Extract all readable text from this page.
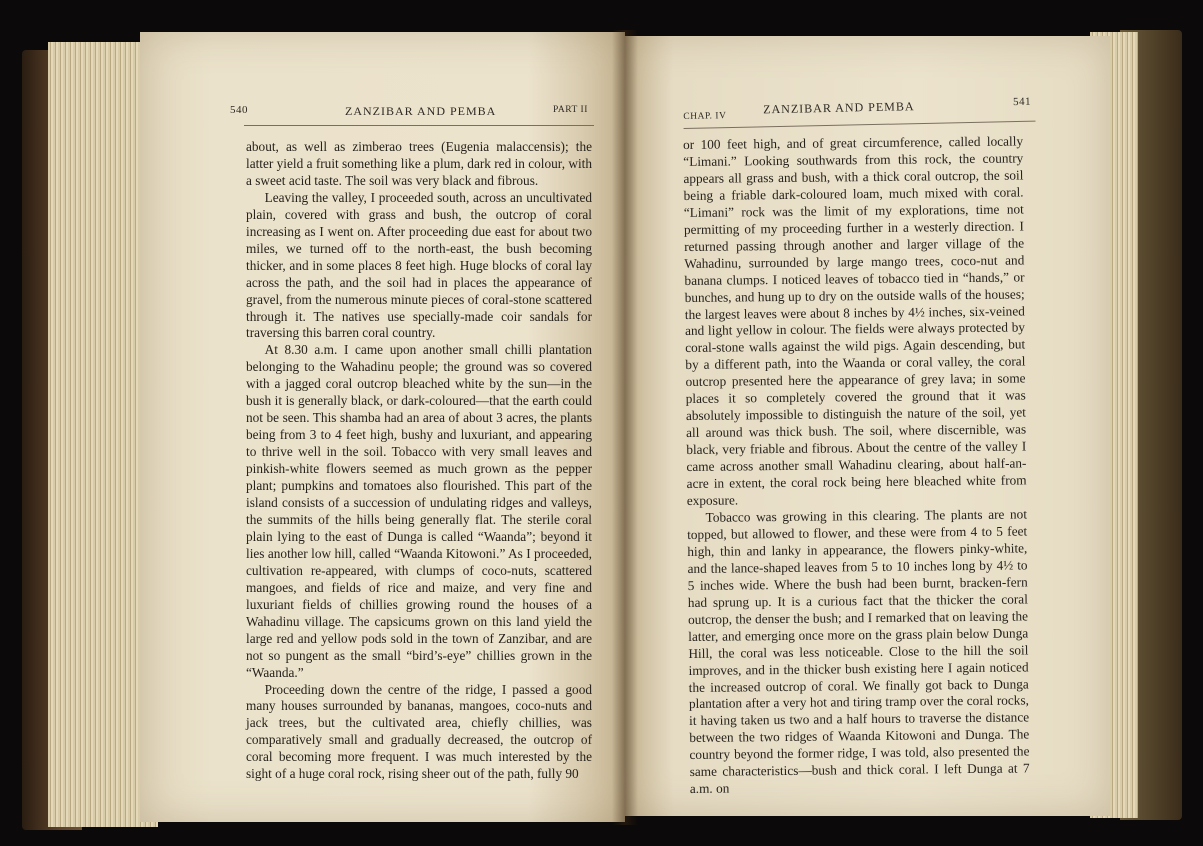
540	ZANZIBAR AND PEMBA	PART II

about, as well as zimberao trees (Eugenia malaccensis); the latter yield a fruit something like a plum, dark red in colour, with a sweet acid taste. The soil was very black and fibrous.

Leaving the valley, I proceeded south, across an uncultivated plain, covered with grass and bush, the outcrop of coral increasing as I went on. After proceeding due east for about two miles, we turned off to the north-east, the bush becoming thicker, and in some places 8 feet high. Huge blocks of coral lay across the path, and the soil had in places the appearance of gravel, from the numerous minute pieces of coral-stone scattered through it. The natives use specially-made coir sandals for traversing this barren coral country.

At 8.30 a.m. I came upon another small chilli plantation belonging to the Wahadinu people; the ground was so covered with a jagged coral outcrop bleached white by the sun—in the bush it is generally black, or dark-coloured—that the earth could not be seen. This shamba had an area of about 3 acres, the plants being from 3 to 4 feet high, bushy and luxuriant, and appearing to thrive well in the soil. Tobacco with very small leaves and pinkish-white flowers seemed as much grown as the pepper plant; pumpkins and tomatoes also flourished. This part of the island consists of a succession of undulating ridges and valleys, the summits of the hills being generally flat. The sterile coral plain lying to the east of Dunga is called “Waanda”; beyond it lies another low hill, called “Waanda Kitowoni.” As I proceeded, cultivation re-appeared, with clumps of coco-nuts, scattered mangoes, and fields of rice and maize, and very fine and luxuriant fields of chillies growing round the houses of a Wahadinu village. The capsicums grown on this land yield the large red and yellow pods sold in the town of Zanzibar, and are not so pungent as the small “bird’s-eye” chillies grown in the “Waanda.”

Proceeding down the centre of the ridge, I passed a good many houses surrounded by bananas, mangoes, coco-nuts and jack trees, but the cultivated area, chiefly chillies, was comparatively small and gradually decreased, the outcrop of coral becoming more frequent. I was much interested by the sight of a huge coral rock, rising sheer out of the path, fully 90

CHAP. IV
ZANZIBAR AND PEMBA	541

or 100 feet high, and of great circumference, called locally “Limani.” Looking southwards from this rock, the country appears all grass and bush, with a thick coral outcrop, the soil being a friable dark-coloured loam, much mixed with coral. “Limani” rock was the limit of my explorations, time not permitting of my proceeding further in a westerly direction. I returned passing through another and larger village of the Wahadinu, surrounded by large mango trees, coco-nut and banana clumps. I noticed leaves of tobacco tied in “hands,” or bunches, and hung up to dry on the outside walls of the houses; the largest leaves were about 8 inches by 4½ inches, six-veined and light yellow in colour. The fields were always protected by coral-stone walls against the wild pigs. Again descending, but by a different path, into the Waanda or coral valley, the coral outcrop presented here the appearance of grey lava; in some places it so completely covered the ground that it was absolutely impossible to distinguish the nature of the soil, yet all around was thick bush. The soil, where discernible, was black, very friable and fibrous. About the centre of the valley I came across another small Wahadinu clearing, about half-an-acre in extent, the coral rock being here bleached white from exposure.

Tobacco was growing in this clearing. The plants are not topped, but allowed to flower, and these were from 4 to 5 feet high, thin and lanky in appearance, the flowers pinky-white, and the lance-shaped leaves from 5 to 10 inches long by 4½ to 5 inches wide. Where the bush had been burnt, bracken-fern had sprung up. It is a curious fact that the thicker the coral outcrop, the denser the bush; and I remarked that on leaving the latter, and emerging once more on the grass plain below Dunga Hill, the coral was less noticeable. Close to the hill the soil improves, and in the thicker bush existing here I again noticed the increased outcrop of coral. We finally got back to Dunga plantation after a very hot and tiring tramp over the coral rocks, it having taken us two and a half hours to traverse the distance between the two ridges of Waanda Kitowoni and Dunga. The country beyond the former ridge, I was told, also presented the same characteristics—bush and thick coral. I left Dunga at 7 a.m. on
